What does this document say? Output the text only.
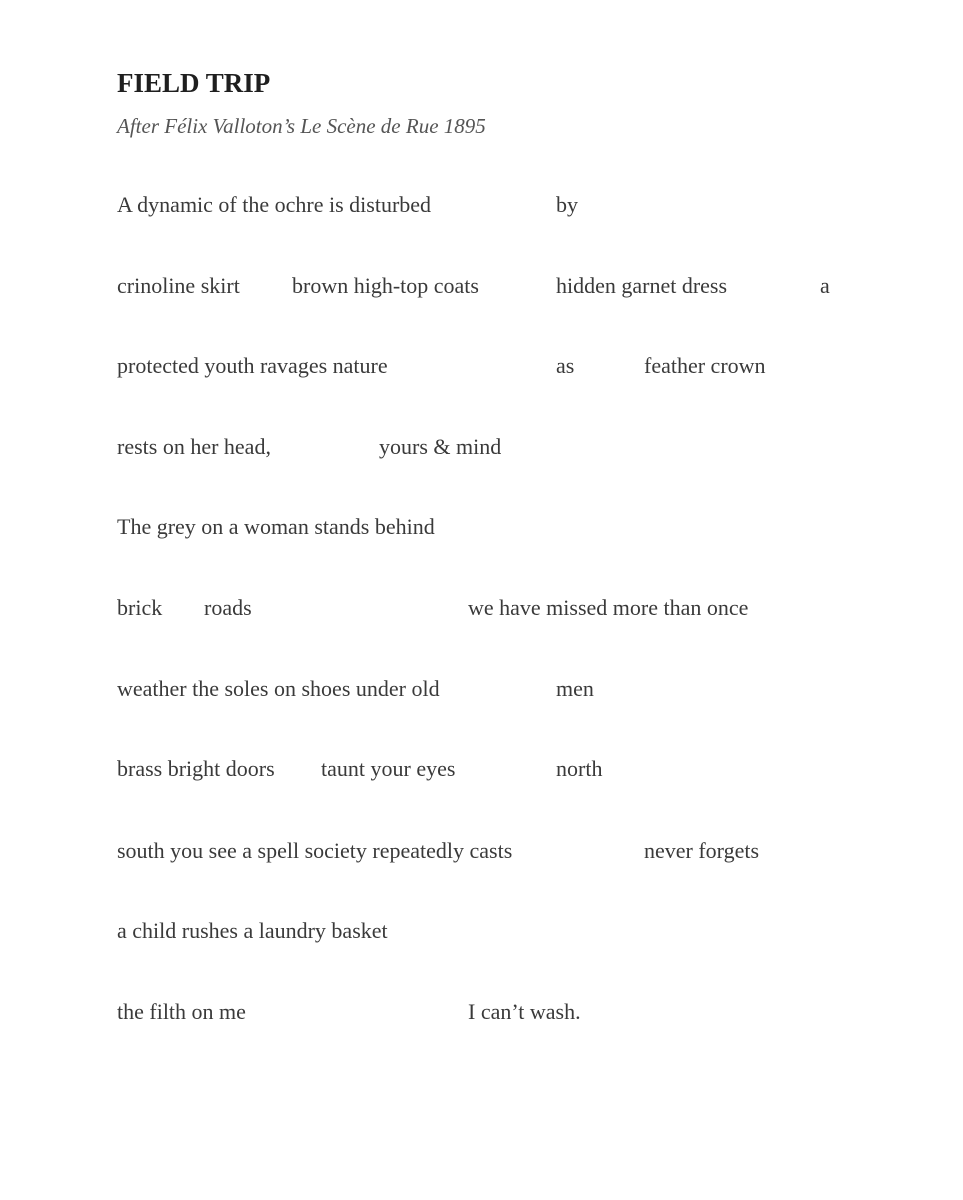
FIELD TRIP

After Félix Valloton’s Le Scène de Rue 1895

A dynamic of the ochre is disturbed	by
crinoline skirt brown high-top coats	hidden garnet dress	a
protected youth ravages nature	as	feather crown
rests on her head,	yours & mind
The grey on a woman stands behind
brick roads	we have missed more than once
weather the soles on shoes under old	men
brass bright doors taunt your eyes	north
south you see a spell society repeatedly casts	never forgets
a child rushes a laundry basket
the filth on me	I can’t wash.
